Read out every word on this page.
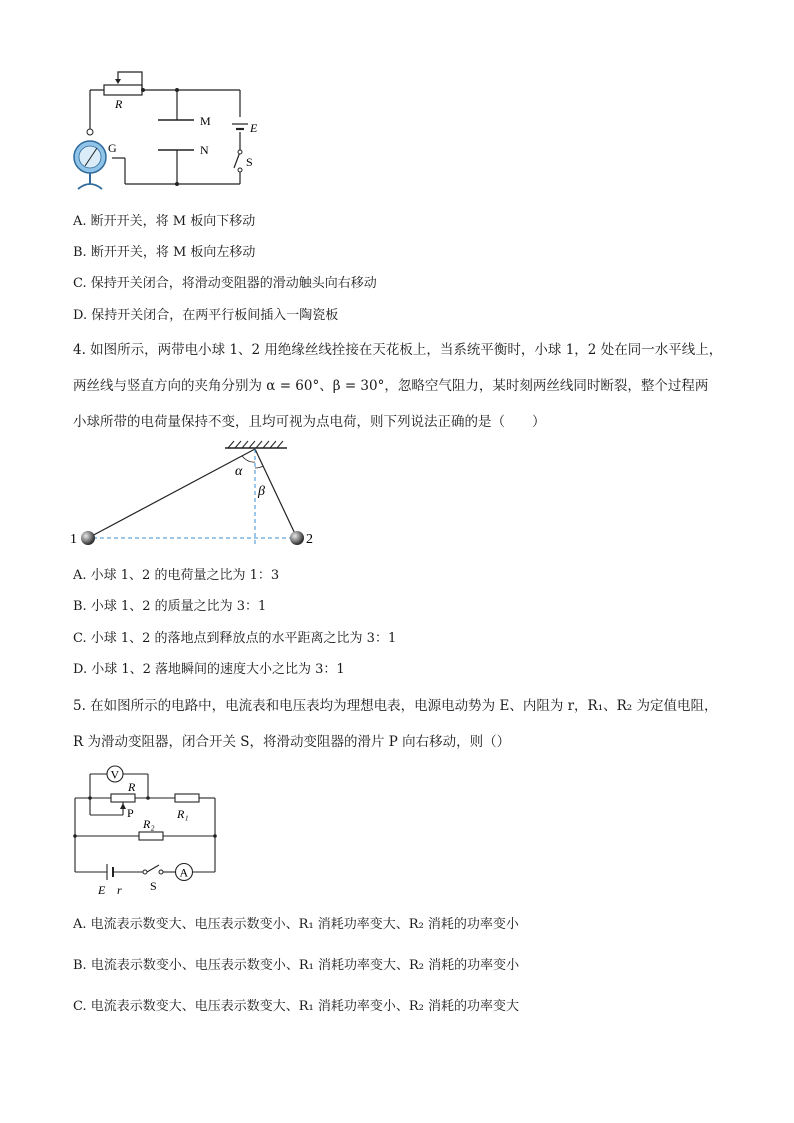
R
M
N
E
S
G
A. 断开开关，将 M 板向下移动
B. 断开开关，将 M 板向左移动
C. 保持开关闭合，将滑动变阻器的滑动触头向右移动
D. 保持开关闭合，在两平行板间插入一陶瓷板
4. 如图所示，两带电小球 1、2 用绝缘丝线拴接在天花板上，当系统平衡时，小球 1，2 处在同一水平线上，
两丝线与竖直方向的夹角分别为 α = 60°、β = 30°，忽略空气阻力，某时刻两丝线同时断裂，整个过程两
小球所带的电荷量保持不变，且均可视为点电荷，则下列说法正确的是（　　）
α
β
1	2
A. 小球 1、2 的电荷量之比为 1：3
B. 小球 1、2 的质量之比为 3：1
C. 小球 1、2 的落地点到释放点的水平距离之比为 3：1
D. 小球 1、2 落地瞬间的速度大小之比为 3：1
5. 在如图所示的电路中，电流表和电压表均为理想电表，电源电动势为 E、内阻为 r，R₁、R₂ 为定值电阻，
R 为滑动变阻器，闭合开关 S，将滑动变阻器的滑片 P 向右移动，则（）
V
A
R
P	R₁
R₂
E r S
A. 电流表示数变大、电压表示数变小、R₁ 消耗功率变大、R₂ 消耗的功率变小
B. 电流表示数变小、电压表示数变小、R₁ 消耗功率变大、R₂ 消耗的功率变小
C. 电流表示数变大、电压表示数变大、R₁ 消耗功率变小、R₂ 消耗的功率变大
